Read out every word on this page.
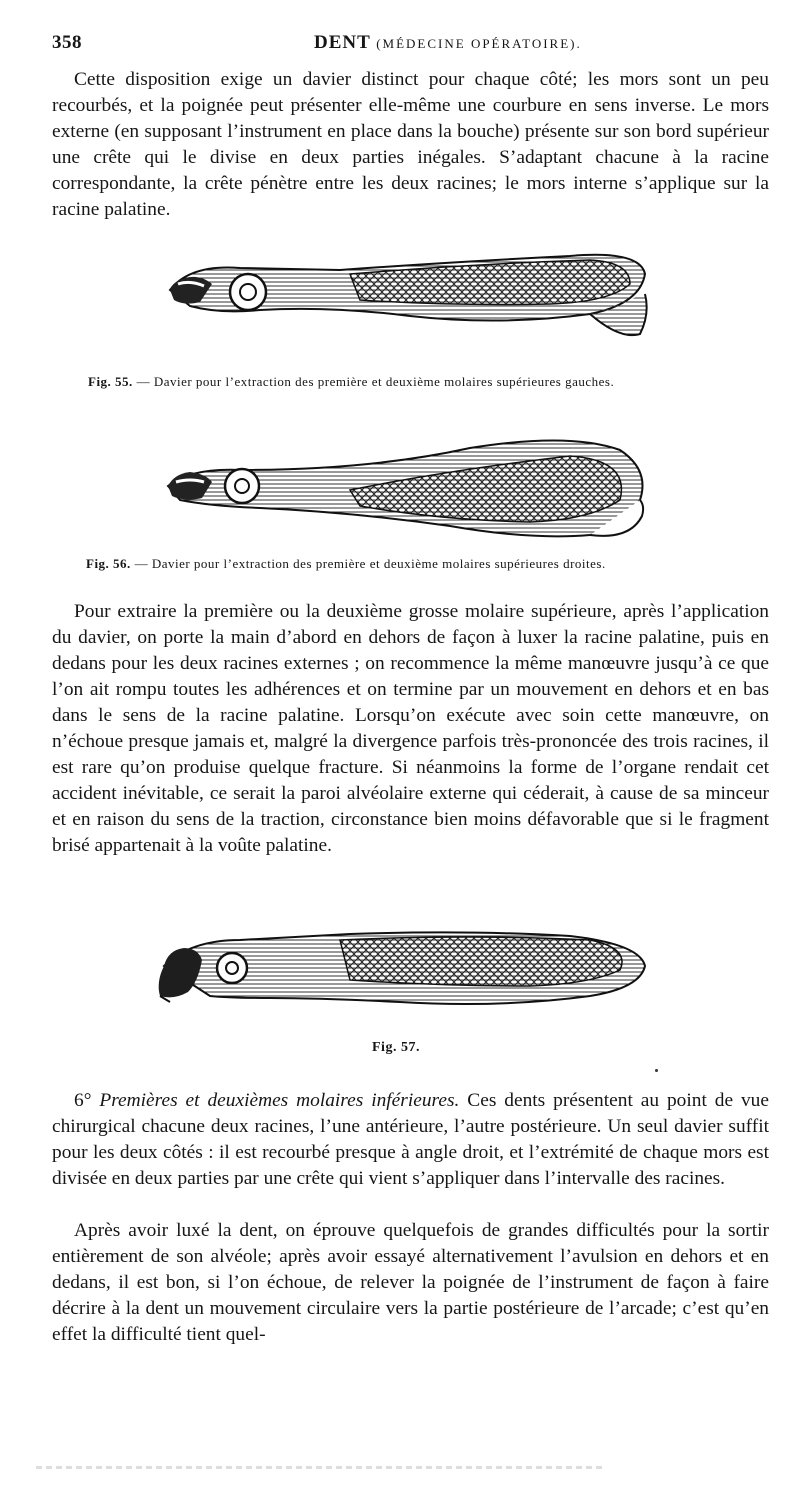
358	DENT (MÉDECINE OPÉRATOIRE).

Cette disposition exige un davier distinct pour chaque côté; les mors sont un peu recourbés, et la poignée peut présenter elle-même une courbure en sens inverse. Le mors externe (en supposant l’instrument en place dans la bouche) présente sur son bord supérieur une crête qui le divise en deux parties inégales. S’adaptant chacune à la racine correspondante, la crête pénètre entre les deux racines; le mors interne s’applique sur la racine palatine.

Fig. 55. — Davier pour l’extraction des première et deuxième molaires supérieures gauches.
Fig. 56. — Davier pour l’extraction des première et deuxième molaires supérieures droites.

Pour extraire la première ou la deuxième grosse molaire supérieure, après l’application du davier, on porte la main d’abord en dehors de façon à luxer la racine palatine, puis en dedans pour les deux racines externes ; on recommence la même manœuvre jusqu’à ce que l’on ait rompu toutes les adhérences et on termine par un mouvement en dehors et en bas dans le sens de la racine palatine. Lorsqu’on exécute avec soin cette manœuvre, on n’échoue presque jamais et, malgré la divergence parfois très-prononcée des trois racines, il est rare qu’on produise quelque fracture. Si néanmoins la forme de l’organe rendait cet accident inévitable, ce serait la paroi alvéolaire externe qui céderait, à cause de sa minceur et en raison du sens de la traction, circonstance bien moins défavorable que si le fragment brisé appartenait à la voûte palatine.

Fig. 57.

6° Premières et deuxièmes molaires inférieures. Ces dents présentent au point de vue chirurgical chacune deux racines, l’une antérieure, l’autre postérieure. Un seul davier suffit pour les deux côtés : il est recourbé presque à angle droit, et l’extrémité de chaque mors est divisée en deux parties par une crête qui vient s’appliquer dans l’intervalle des racines.

Après avoir luxé la dent, on éprouve quelquefois de grandes difficultés pour la sortir entièrement de son alvéole; après avoir essayé alternativement l’avulsion en dehors et en dedans, il est bon, si l’on échoue, de relever la poignée de l’instrument de façon à faire décrire à la dent un mouvement circulaire vers la partie postérieure de l’arcade; c’est qu’en effet la difficulté tient quel-
